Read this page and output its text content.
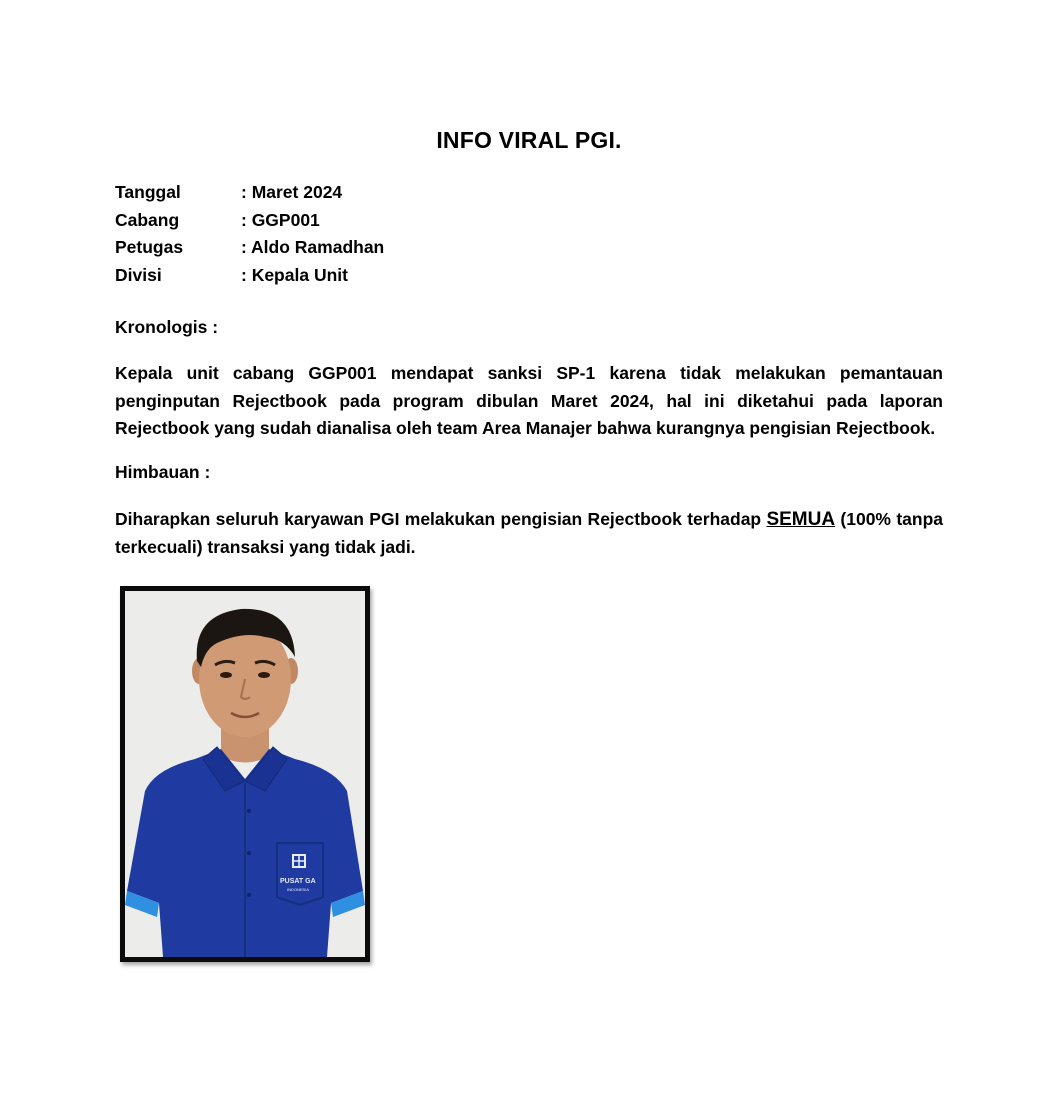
INFO VIRAL PGI.
Tanggal	: Maret 2024
Cabang	: GGP001
Petugas	: Aldo Ramadhan
Divisi	: Kepala Unit
Kronologis :
Kepala unit cabang GGP001 mendapat sanksi SP-1 karena tidak melakukan pemantauan penginputan Rejectbook pada program dibulan Maret 2024, hal ini diketahui pada laporan Rejectbook yang sudah dianalisa oleh team Area Manajer bahwa kurangnya pengisian Rejectbook.
Himbauan :
Diharapkan seluruh karyawan PGI melakukan pengisian Rejectbook terhadap SEMUA (100% tanpa terkecuali) transaksi yang tidak jadi.
PUSAT GA
INDONESIA
